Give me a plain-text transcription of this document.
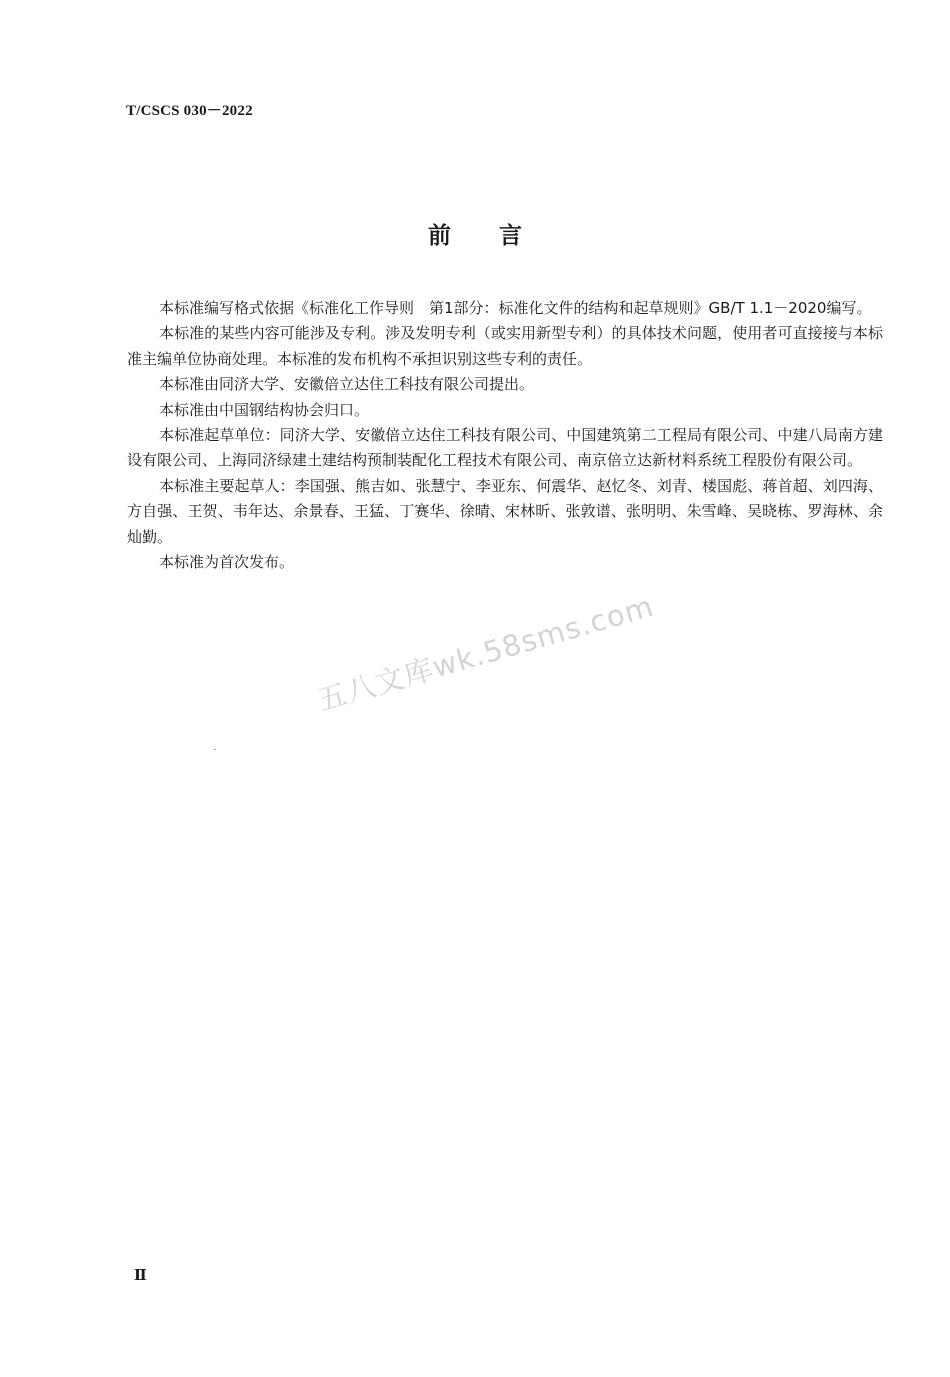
T/CSCS 030－2022
前言

本标准编写格式依据《标准化工作导则　第1部分：标准化文件的结构和起草规则》GB/T 1.1－2020编写。

本标准的某些内容可能涉及专利。涉及发明专利（或实用新型专利）的具体技术问题，使用者可直接接与本标准主编单位协商处理。本标准的发布机构不承担识别这些专利的责任。

本标准由同济大学、安徽倍立达住工科技有限公司提出。

本标准由中国钢结构协会归口。

本标准起草单位：同济大学、安徽倍立达住工科技有限公司、中国建筑第二工程局有限公司、中建八局南方建设有限公司、上海同济绿建土建结构预制装配化工程技术有限公司、南京倍立达新材料系统工程股份有限公司。

本标准主要起草人：李国强、熊吉如、张慧宁、李亚东、何震华、赵忆冬、刘青、楼国彪、蒋首超、刘四海、方自强、王贺、韦年达、余景春、王猛、丁赛华、徐晴、宋林昕、张敦谱、张明明、朱雪峰、吴晓栋、罗海林、余灿勤。

本标准为首次发布。

五八文库wk.58sms.com
Ⅱ
